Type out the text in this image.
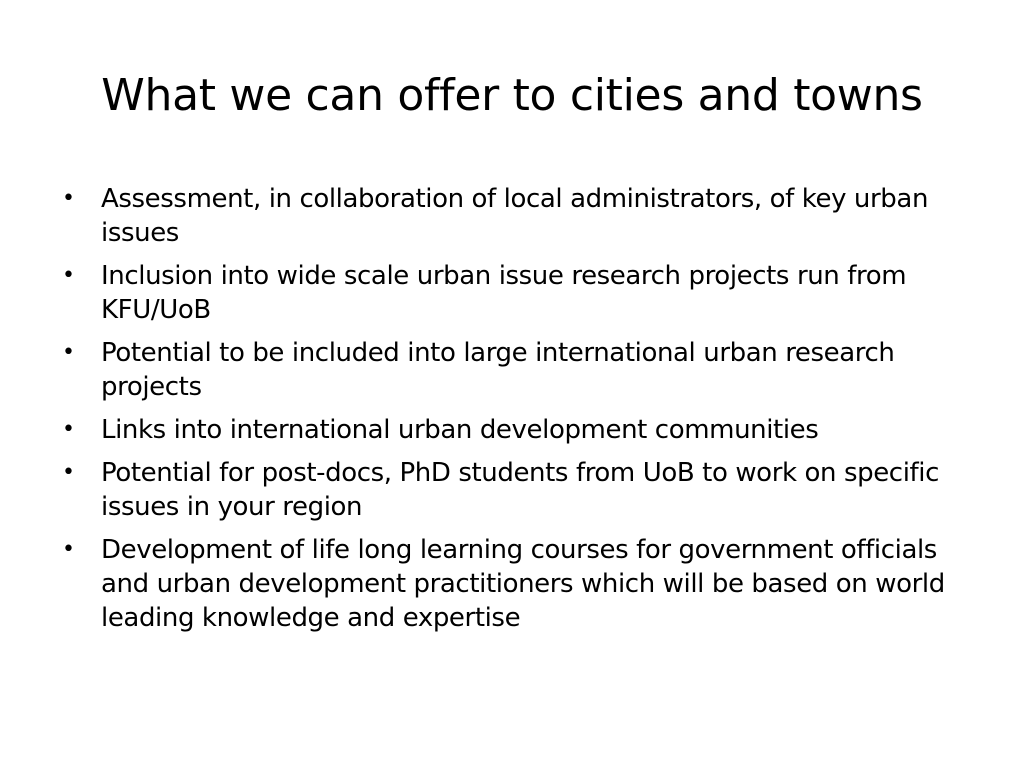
What we can offer to cities and towns
• Assessment, in collaboration of local administrators, of key urban issues
• Inclusion into wide scale urban issue research projects run from KFU/UoB
• Potential to be included into large international urban research projects
• Links into international urban development communities
• Potential for post-docs, PhD students from UoB to work on specific issues in your region
• Development of life long learning courses for government officials and urban development practitioners which will be based on world leading knowledge and expertise
